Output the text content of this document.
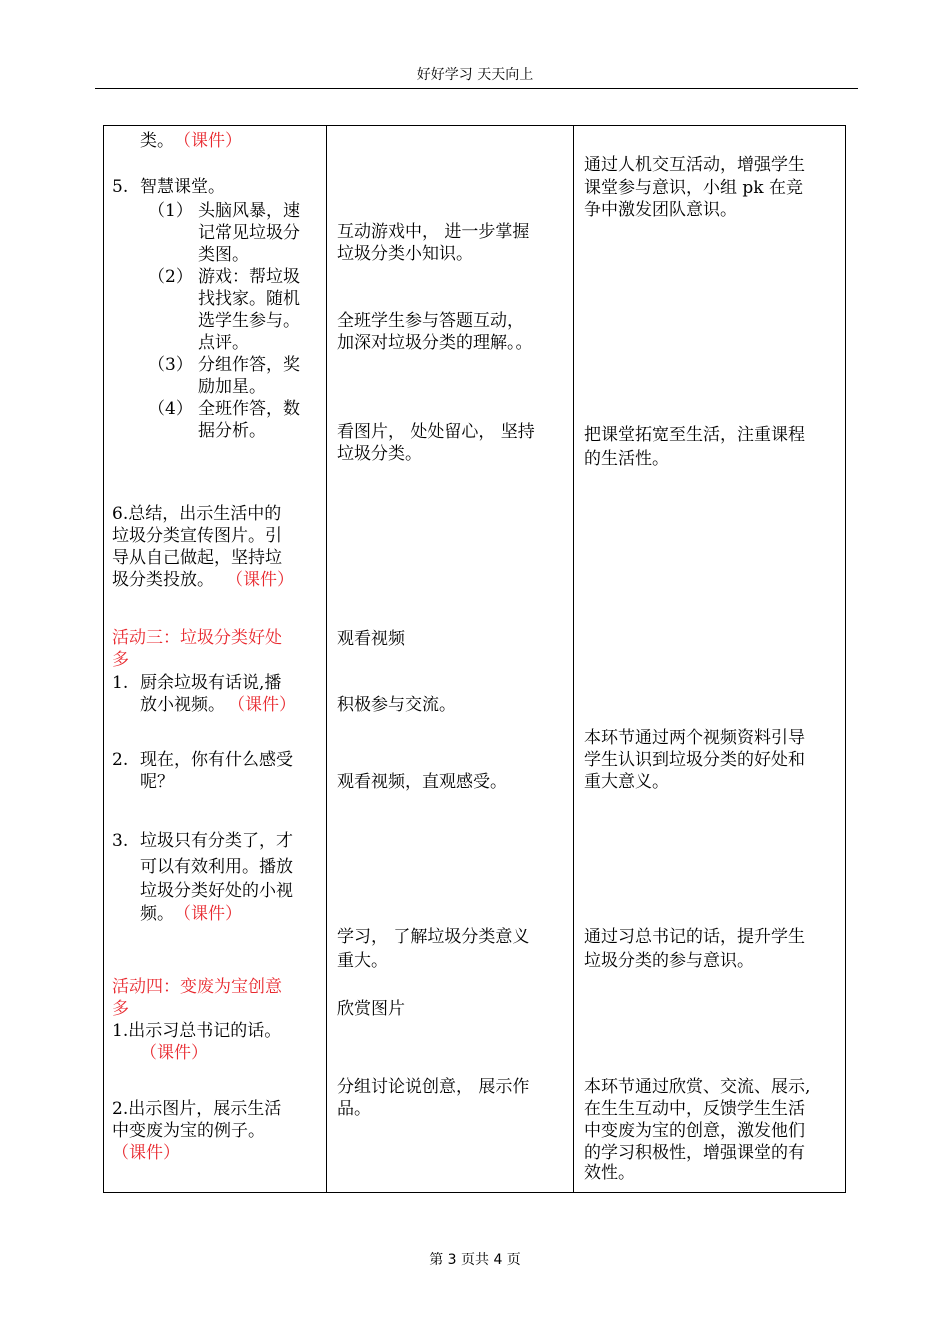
好好学习 天天向上
类。 （课件）
5. 智慧课堂。
（1） 头脑风暴，速
记常见垃圾分
类图。
（2） 游戏：帮垃圾
找找家。随机
选学生参与。
点评。
（3） 分组作答，奖
励加星。
（4） 全班作答，数
据分析。
6.总结，出示生活中的
垃圾分类宣传图片。引
导从自己做起，坚持垃
圾分类投放。 （课件）
活动三：垃圾分类好处
多
1. 厨余垃圾有话说,播
放小视频。 （课件）
2. 现在，你有什么感受
呢？
3. 垃圾只有分类了，才
可以有效利用。播放
垃圾分类好处的小视
频。 （课件）
活动四：变废为宝创意
多
1.出示习总书记的话。
（课件）
2.出示图片，展示生活
中变废为宝的例子。
（课件）
互动游戏中， 进一步掌握
垃圾分类小知识。
全班学生参与答题互动，
加深对垃圾分类的理解。。
看图片， 处处留心， 坚持
垃圾分类。
观看视频
积极参与交流。
观看视频，直观感受。
学习， 了解垃圾分类意义
重大。
欣赏图片
分组讨论说创意， 展示作
品。
通过人机交互活动，增强学生
课堂参与意识，小组 pk 在竞
争中激发团队意识。
把课堂拓宽至生活，注重课程
的生活性。
本环节通过两个视频资料引导
学生认识到垃圾分类的好处和
重大意义。
通过习总书记的话，提升学生
垃圾分类的参与意识。
本环节通过欣赏、交流、展示,
在生生互动中，反馈学生生活
中变废为宝的创意，激发他们
的学习积极性，增强课堂的有
效性。
第 3 页共 4 页
